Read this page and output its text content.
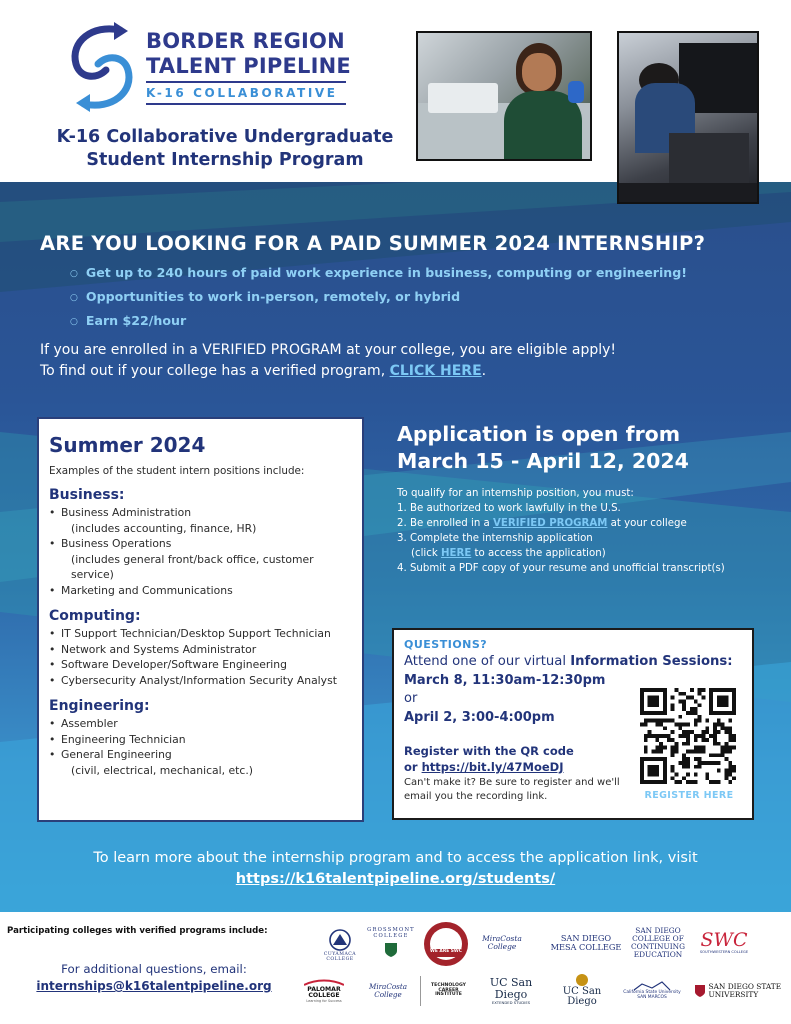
BORDER REGION
TALENT PIPELINE
K-16 COLLABORATIVE
K-16 Collaborative Undergraduate Student Internship Program
ARE YOU LOOKING FOR A PAID SUMMER 2024 INTERNSHIP?
○ Get up to 240 hours of paid work experience in business, computing or engineering!
○ Opportunities to work in-person, remotely, or hybrid
○ Earn $22/hour
If you are enrolled in a VERIFIED PROGRAM at your college, you are eligible apply!
To find out if your college has a verified program, CLICK HERE.
Summer 2024
Examples of the student intern positions include:
Business:
• Business Administration
(includes accounting, finance, HR)
• Business Operations
(includes general front/back office, customer service)
• Marketing and Communications
Computing:
• IT Support Technician/Desktop Support Technician
• Network and Systems Administrator
• Software Developer/Software Engineering
• Cybersecurity Analyst/Information Security Analyst
Engineering:
• Assembler
• Engineering Technician
• General Engineering
(civil, electrical, mechanical, etc.)
Application is open from
March 15 - April 12, 2024
To qualify for an internship position, you must:
1. Be authorized to work lawfully in the U.S.
2. Be enrolled in a VERIFIED PROGRAM at your college
3. Complete the internship application
(click HERE to access the application)
4. Submit a PDF copy of your resume and unofficial transcript(s)
QUESTIONS?
Attend one of our virtual Information Sessions:
March 8, 11:30am-12:30pm
or
April 2, 3:00-4:00pm
Register with the QR code
or https://bit.ly/47MoeDJ
Can't make it? Be sure to register and we'll email you the recording link.	REGISTER HERE
To learn more about the internship program and to access the application link, visit
https://k16talentpipeline.org/students/
Participating colleges with verified programs include:
For additional questions, email:
internships@k16talentpipeline.org
CUYAMACA COLLEGE
GROSSMONT COLLEGE
WE ARE SWC
MiraCosta College
SAN DIEGO MESA COLLEGE
SAN DIEGO COLLEGE OF CONTINUING EDUCATION
SWC
SOUTHWESTERN COLLEGE
PALOMAR COLLEGE
Learning for Success
MiraCosta College
TECHNOLOGY CAREER INSTITUTE
UC San Diego
EXTENDED STUDIES
UC San Diego
California State University SAN MARCOS
SAN DIEGO STATE UNIVERSITY
